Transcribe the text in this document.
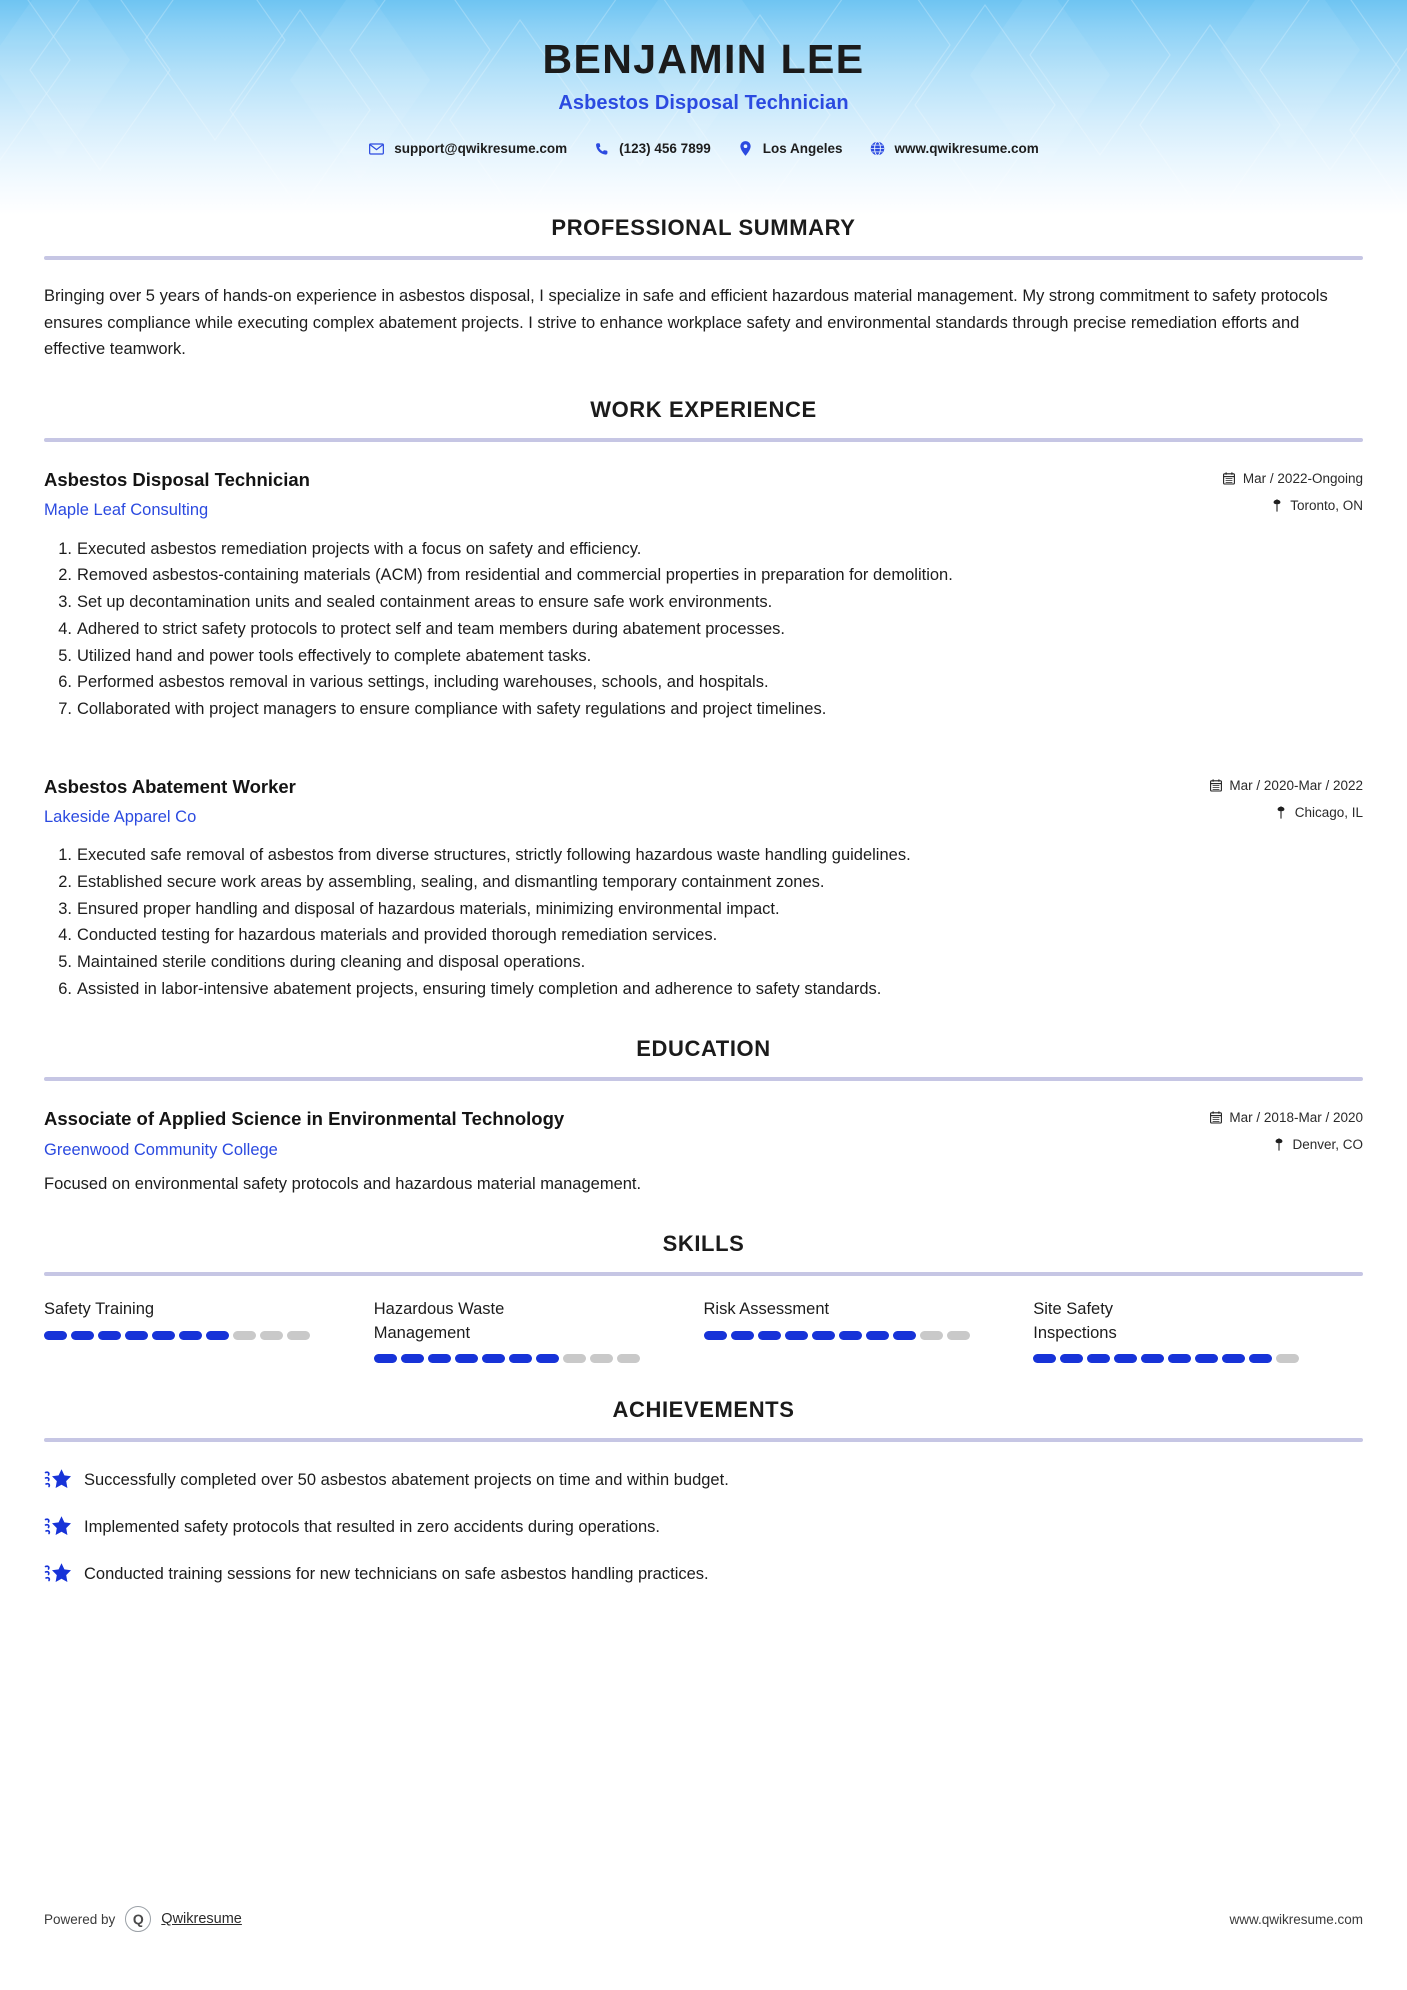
BENJAMIN LEE
Asbestos Disposal Technician
support@qwikresume.com	(123) 456 7899	Los Angeles	www.qwikresume.com
PROFESSIONAL SUMMARY

Bringing over 5 years of hands-on experience in asbestos disposal, I specialize in safe and efficient hazardous material management. My strong commitment to safety protocols ensures compliance while executing complex abatement projects. I strive to enhance workplace safety and environmental standards through precise remediation efforts and effective teamwork.

WORK EXPERIENCE
Asbestos Disposal Technician
Maple Leaf Consulting
Mar / 2022-Ongoing
Toronto, ON
Executed asbestos remediation projects with a focus on safety and efficiency.
Removed asbestos-containing materials (ACM) from residential and commercial properties in preparation for demolition.
Set up decontamination units and sealed containment areas to ensure safe work environments.
Adhered to strict safety protocols to protect self and team members during abatement processes.
Utilized hand and power tools effectively to complete abatement tasks.
Performed asbestos removal in various settings, including warehouses, schools, and hospitals.
Collaborated with project managers to ensure compliance with safety regulations and project timelines.
Asbestos Abatement Worker
Lakeside Apparel Co
Mar / 2020-Mar / 2022
Chicago, IL
Executed safe removal of asbestos from diverse structures, strictly following hazardous waste handling guidelines.
Established secure work areas by assembling, sealing, and dismantling temporary containment zones.
Ensured proper handling and disposal of hazardous materials, minimizing environmental impact.
Conducted testing for hazardous materials and provided thorough remediation services.
Maintained sterile conditions during cleaning and disposal operations.
Assisted in labor-intensive abatement projects, ensuring timely completion and adherence to safety standards.
EDUCATION
Associate of Applied Science in Environmental Technology
Greenwood Community College
Mar / 2018-Mar / 2020
Denver, CO
Focused on environmental safety protocols and hazardous material management.
SKILLS
Safety Training	Hazardous Waste Management
Risk Assessment	Site Safety Inspections
ACHIEVEMENTS
Successfully completed over 50 asbestos abatement projects on time and within budget.
Implemented safety protocols that resulted in zero accidents during operations.
Conducted training sessions for new technicians on safe asbestos handling practices.
Powered by	Q	Qwikresume	www.qwikresume.com
